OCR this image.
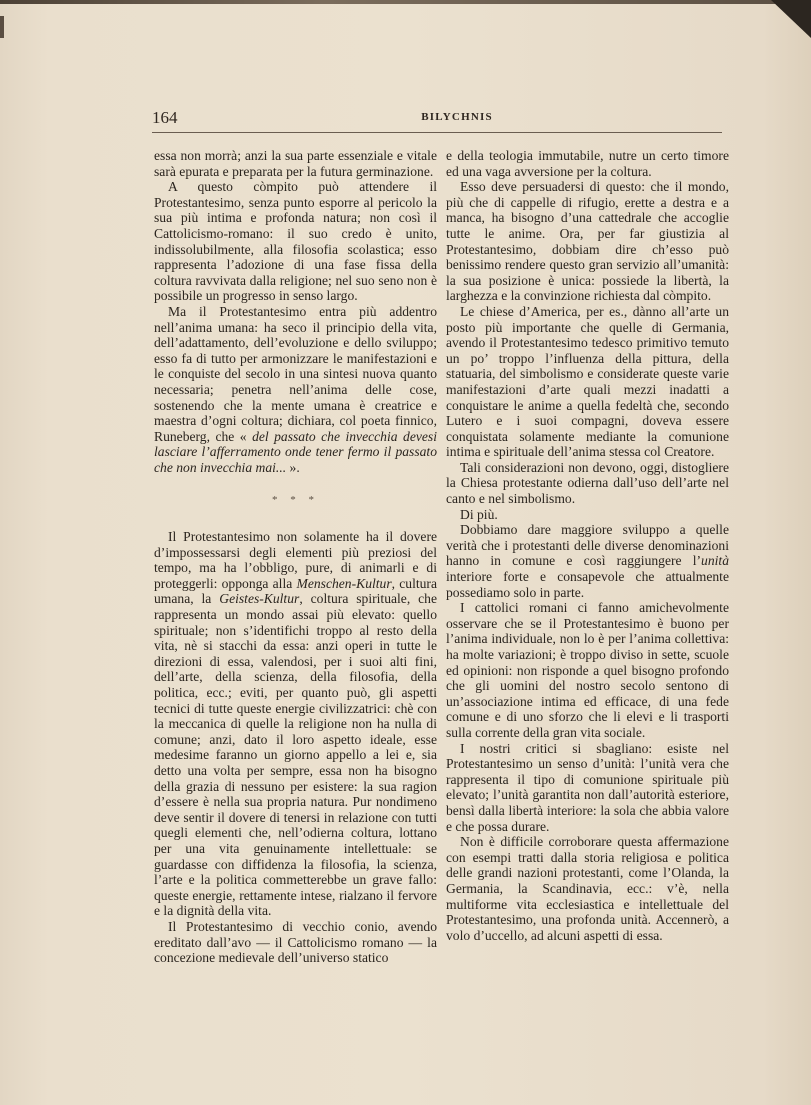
164	BILYCHNIS

essa non morrà; anzi la sua parte essenziale e vitale sarà epurata e preparata per la futura germinazione.

A questo còmpito può attendere il Protestantesimo, senza punto esporre al pericolo la sua più intima e profonda natura; non così il Cattolicismo-romano: il suo credo è unito, indissolubilmente, alla filosofia scolastica; esso rappresenta l’adozione di una fase fissa della coltura ravvivata dalla religione; nel suo seno non è possibile un progresso in senso largo.

Ma il Protestantesimo entra più addentro nell’anima umana: ha seco il principio della vita, dell’adattamento, dell’evoluzione e dello sviluppo; esso fa di tutto per armonizzare le manifestazioni e le conquiste del secolo in una sintesi nuova quanto necessaria; penetra nell’anima delle cose, sostenendo che la mente umana è creatrice e maestra d’ogni coltura; dichiara, col poeta finnico, Runeberg, che « del passato che invecchia devesi lasciare l’afferramento onde tener fermo il passato che non invecchia mai... ».

* * *

Il Protestantesimo non solamente ha il dovere d’impossessarsi degli elementi più preziosi del tempo, ma ha l’obbligo, pure, di animarli e di proteggerli: opponga alla Menschen-Kultur, cultura umana, la Geistes-Kultur, coltura spirituale, che rappresenta un mondo assai più elevato: quello spirituale; non s’identifichi troppo al resto della vita, nè si stacchi da essa: anzi operi in tutte le direzioni di essa, valendosi, per i suoi alti fini, dell’arte, della scienza, della filosofia, della politica, ecc.; eviti, per quanto può, gli aspetti tecnici di tutte queste energie civilizzatrici: chè con la meccanica di quelle la religione non ha nulla di comune; anzi, dato il loro aspetto ideale, esse medesime faranno un giorno appello a lei e, sia detto una volta per sempre, essa non ha bisogno della grazia di nessuno per esistere: la sua ragion d’essere è nella sua propria natura. Pur nondimeno deve sentir il dovere di tenersi in relazione con tutti quegli elementi che, nell’odierna coltura, lottano per una vita genuinamente intellettuale: se guardasse con diffidenza la filosofia, la scienza, l’arte e la politica commetterebbe un grave fallo: queste energie, rettamente intese, rialzano il fervore e la dignità della vita.

Il Protestantesimo di vecchio conio, avendo ereditato dall’avo — il Cattolicismo romano — la concezione medievale dell’universo statico

e della teologia immutabile, nutre un certo timore ed una vaga avversione per la coltura.

Esso deve persuadersi di questo: che il mondo, più che di cappelle di rifugio, erette a destra e a manca, ha bisogno d’una cattedrale che accoglie tutte le anime. Ora, per far giustizia al Protestantesimo, dobbiam dire ch’esso può benissimo rendere questo gran servizio all’umanità: la sua posizione è unica: possiede la libertà, la larghezza e la convinzione richiesta dal còmpito.

Le chiese d’America, per es., dànno all’arte un posto più importante che quelle di Germania, avendo il Protestantesimo tedesco primitivo temuto un po’ troppo l’influenza della pittura, della statuaria, del simbolismo e considerate queste varie manifestazioni d’arte quali mezzi inadatti a conquistare le anime a quella fedeltà che, secondo Lutero e i suoi compagni, doveva essere conquistata solamente mediante la comunione intima e spirituale dell’anima stessa col Creatore.

Tali considerazioni non devono, oggi, distogliere la Chiesa protestante odierna dall’uso dell’arte nel canto e nel simbolismo.

Di più.

Dobbiamo dare maggiore sviluppo a quelle verità che i protestanti delle diverse denominazioni hanno in comune e così raggiungere l’unità interiore forte e consapevole che attualmente possediamo solo in parte.

I cattolici romani ci fanno amichevolmente osservare che se il Protestantesimo è buono per l’anima individuale, non lo è per l’anima collettiva: ha molte variazioni; è troppo diviso in sette, scuole ed opinioni: non risponde a quel bisogno profondo che gli uomini del nostro secolo sentono di un’associazione intima ed efficace, di una fede comune e di uno sforzo che li elevi e li trasporti sulla corrente della gran vita sociale.

I nostri critici si sbagliano: esiste nel Protestantesimo un senso d’unità: l’unità vera che rappresenta il tipo di comunione spirituale più elevato; l’unità garantita non dall’autorità esteriore, bensì dalla libertà interiore: la sola che abbia valore e che possa durare.

Non è difficile corroborare questa affermazione con esempi tratti dalla storia religiosa e politica delle grandi nazioni protestanti, come l’Olanda, la Germania, la Scandinavia, ecc.: v’è, nella multiforme vita ecclesiastica e intellettuale del Protestantesimo, una profonda unità. Accennerò, a volo d’uccello, ad alcuni aspetti di essa.
